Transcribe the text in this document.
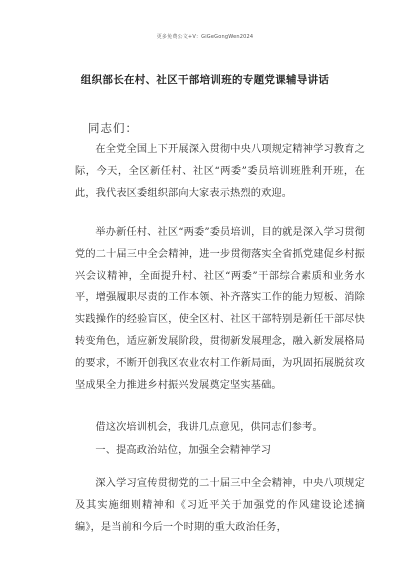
更多免费公文+V：GiGeGongWen2024
组织部长在村、社区干部培训班的专题党课辅导讲话
同志们：

在全党全国上下开展深入贯彻中央八项规定精神学习教育之际，今天，全区新任村、社区“两委”委员培训班胜利开班，在此，我代表区委组织部向大家表示热烈的欢迎。

举办新任村、社区“两委”委员培训，目的就是深入学习贯彻党的二十届三中全会精神，进一步贯彻落实全省抓党建促乡村振兴会议精神，全面提升村、社区“两委”干部综合素质和业务水平，增强履职尽责的工作本领、补齐落实工作的能力短板、消除实践操作的经验盲区，使全区村、社区干部特别是新任干部尽快转变角色，适应新发展阶段，贯彻新发展理念，融入新发展格局的要求，不断开创我区农业农村工作新局面，为巩固拓展脱贫攻坚成果全力推进乡村振兴发展奠定坚实基础。

借这次培训机会，我讲几点意见，供同志们参考。

一、提高政治站位，加强全会精神学习

深入学习宣传贯彻党的二十届三中全会精神，中央八项规定及其实施细则精神和《习近平关于加强党的作风建设论述摘编》，是当前和今后一个时期的重大政治任务，
